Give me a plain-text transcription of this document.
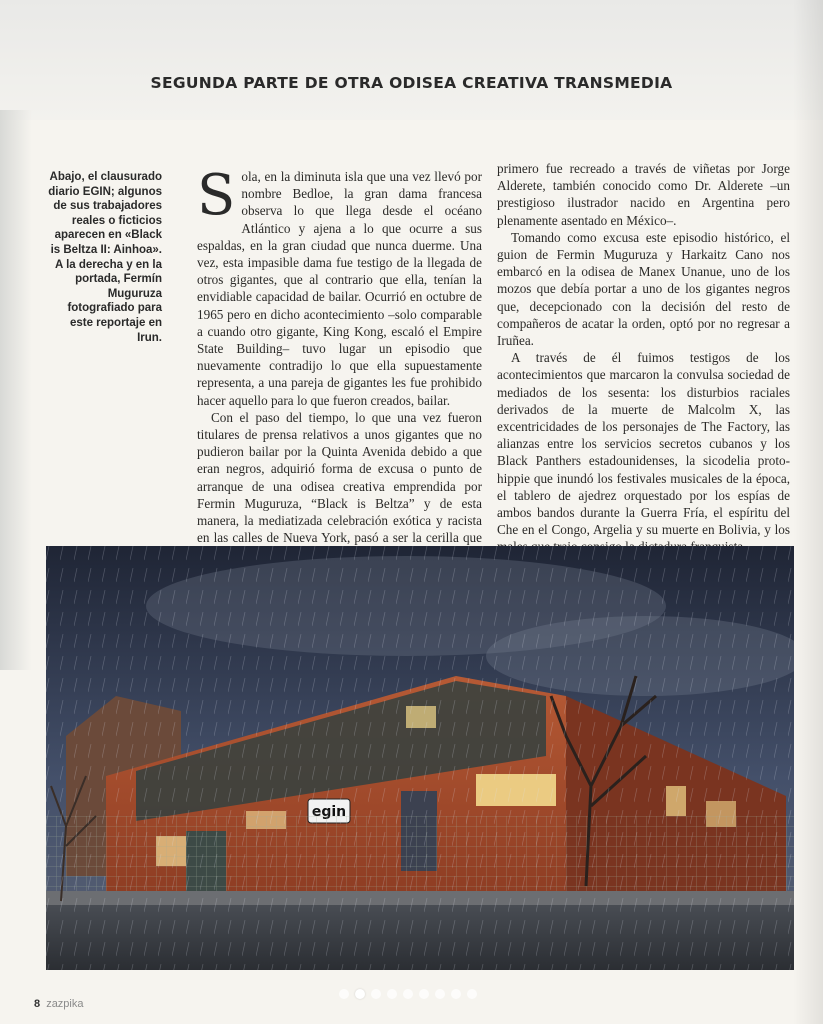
SEGUNDA PARTE DE OTRA ODISEA CREATIVA TRANSMEDIA
Abajo, el clausurado diario EGIN; algunos de sus trabajadores reales o ficticios aparecen en «Black is Beltza II: Ainhoa». A la derecha y en la portada, Fermín Muguruza fotografiado para este reportaje en Irun.
S ola, en la diminuta isla que una vez llevó por nombre Bedloe, la gran dama francesa observa lo que llega desde el océano Atlántico y ajena a lo que ocurre a sus espaldas, en la gran ciudad que nunca duerme. Una vez, esta impasible dama fue testigo de la llegada de otros gigantes, que al contrario que ella, tenían la envidiable capacidad de bailar. Ocurrió en octubre de 1965 pero en dicho acontecimiento –solo comparable a cuando otro gigante, King Kong, escaló el Empire State Building– tuvo lugar un episodio que nuevamente contradijo lo que ella supuestamente representa, a una pareja de gigantes les fue prohibido hacer aquello para lo que fueron creados, bailar.

Con el paso del tiempo, lo que una vez fueron titulares de prensa relativos a unos gigantes que no pudieron bailar por la Quinta Avenida debido a que eran negros, adquirió forma de excusa o punto de arranque de una odisea creativa emprendida por Fermin Muguruza, “Black is Beltza” y de esta manera, la mediatizada celebración exótica y racista en las calles de Nueva York, pasó a ser la cerilla que

primero fue recreado a través de viñetas por Jorge Alderete, también conocido como Dr. Alderete –un prestigioso ilustrador nacido en Argentina pero plenamente asentado en México–.

Tomando como excusa este episodio histórico, el guion de Fermin Muguruza y Harkaitz Cano nos embarcó en la odisea de Manex Unanue, uno de los mozos que debía portar a uno de los gigantes negros que, decepcionado con la decisión del resto de compañeros de acatar la orden, optó por no regresar a Iruñea.

A través de él fuimos testigos de los acontecimientos que marcaron la convulsa sociedad de mediados de los sesenta: los disturbios raciales derivados de la muerte de Malcolm X, las excentricidades de los personajes de The Factory, las alianzas entre los servicios secretos cubanos y los Black Panthers estadounidenses, la sicodelia proto-hippie que inundó los festivales musicales de la época, el tablero de ajedrez orquestado por los espías de ambos bandos durante la Guerra Fría, el espíritu del Che en el Congo, Argelia y su muerte en Bolivia, y los

8 zazpika
